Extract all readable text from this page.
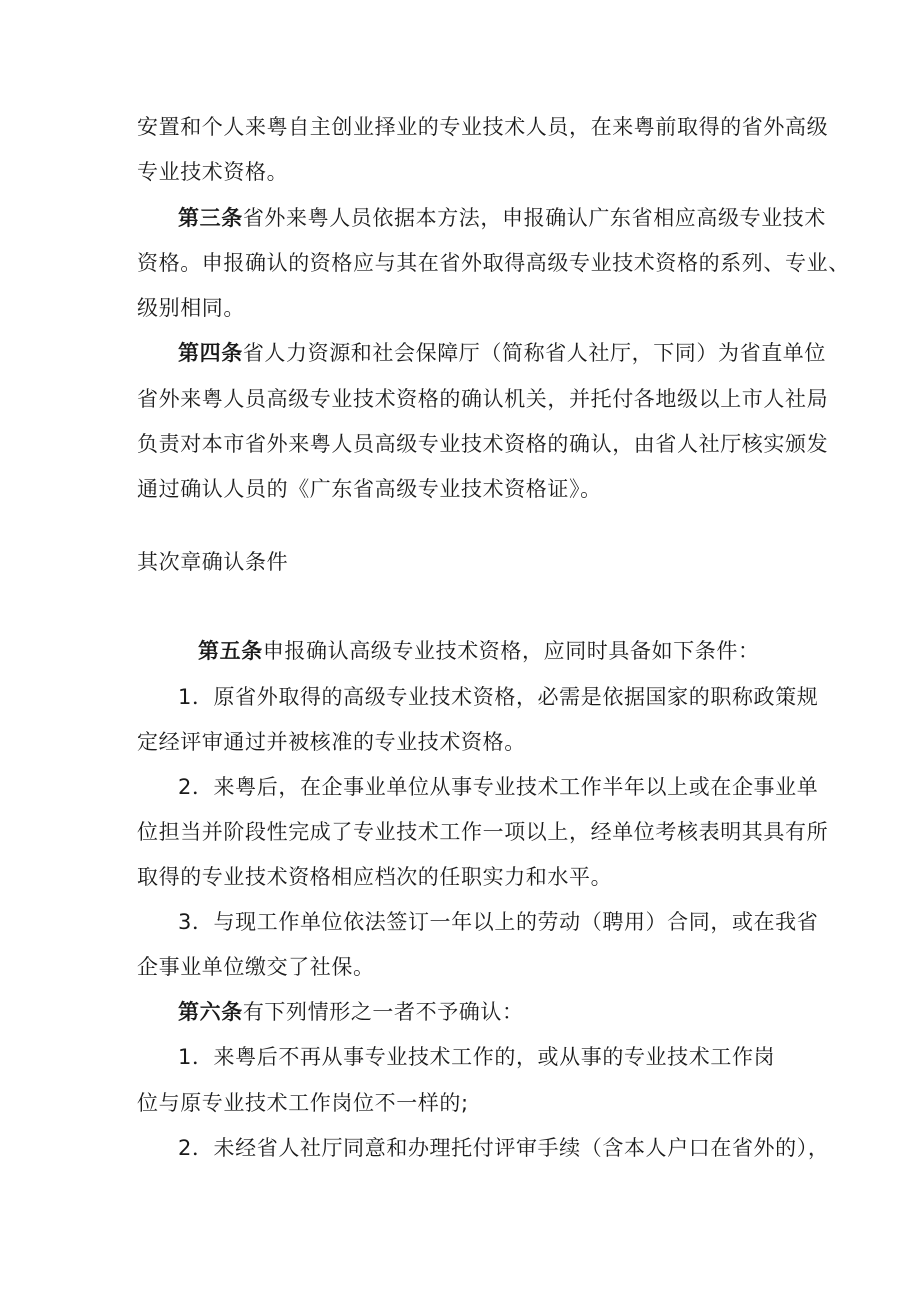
安置和个人来粤自主创业择业的专业技术人员，在来粤前取得的省外高级
专业技术资格。
第三条省外来粤人员依据本方法，申报确认广东省相应高级专业技术
资格。申报确认的资格应与其在省外取得高级专业技术资格的系列、专业、
级别相同。
第四条省人力资源和社会保障厅（简称省人社厅，下同）为省直单位
省外来粤人员高级专业技术资格的确认机关，并托付各地级以上市人社局
负责对本市省外来粤人员高级专业技术资格的确认，由省人社厅核实颁发
通过确认人员的《广东省高级专业技术资格证》。
其次章确认条件
第五条申报确认高级专业技术资格，应同时具备如下条件：
1．原省外取得的高级专业技术资格，必需是依据国家的职称政策规
定经评审通过并被核准的专业技术资格。
2．来粤后，在企事业单位从事专业技术工作半年以上或在企事业单
位担当并阶段性完成了专业技术工作一项以上，经单位考核表明其具有所
取得的专业技术资格相应档次的任职实力和水平。
3．与现工作单位依法签订一年以上的劳动（聘用）合同，或在我省
企事业单位缴交了社保。
第六条有下列情形之一者不予确认：
1．来粤后不再从事专业技术工作的，或从事的专业技术工作岗
位与原专业技术工作岗位不一样的;
2．未经省人社厅同意和办理托付评审手续（含本人户口在省外的），
